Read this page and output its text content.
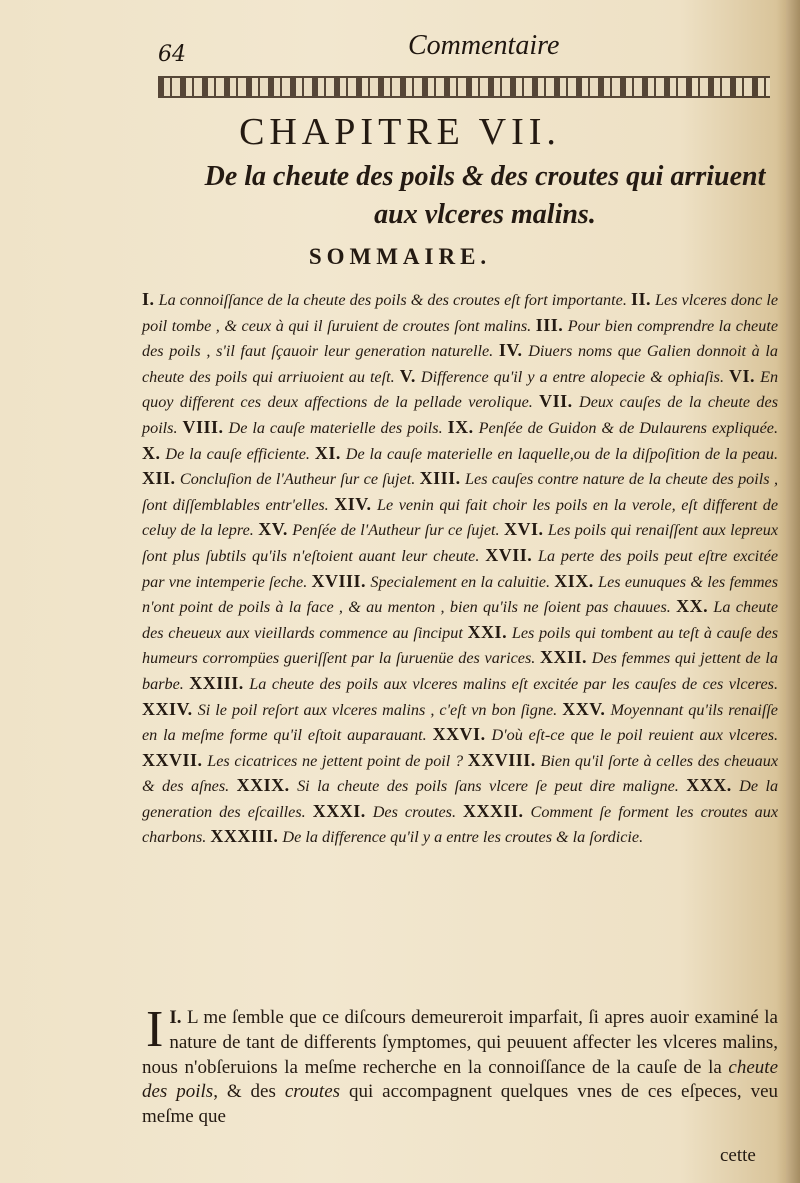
64	Commentaire
CHAPITRE VII.
De la cheute des poils & des croutes qui arriuent aux vlceres malins.
SOMMAIRE.
I. La connoiſſance de la cheute des poils & des croutes eſt fort importante. II. Les vlceres donc le poil tombe , & ceux à qui il ſuruient de croutes ſont malins. III. Pour bien comprendre la cheute des poils , s'il faut ſçauoir leur generation naturelle. IV. Diuers noms que Galien donnoit à la cheute des poils qui arriuoient au teſt. V. Difference qu'il y a entre alopecie & ophiaſis. VI. En quoy different ces deux affections de la pellade verolique. VII. Deux cauſes de la cheute des poils. VIII. De la cauſe materielle des poils. IX. Penſée de Guidon & de Dulaurens expliquée. X. De la cauſe efficiente. XI. De la cauſe materielle en laquelle,ou de la diſpoſition de la peau. XII. Concluſion de l'Autheur ſur ce ſujet. XIII. Les cauſes contre nature de la cheute des poils , ſont diſſemblables entr'elles. XIV. Le venin qui fait choir les poils en la verole, eſt different de celuy de la lepre. XV. Penſée de l'Autheur ſur ce ſujet. XVI. Les poils qui renaiſſent aux lepreux ſont plus ſubtils qu'ils n'eſtoient auant leur cheute. XVII. La perte des poils peut eſtre excitée par vne intemperie ſeche. XVIII. Specialement en la caluitie. XIX. Les eunuques & les femmes n'ont point de poils à la face , & au menton , bien qu'ils ne ſoient pas chauues. XX. La cheute des cheueux aux vieillards commence au ſinciput XXI. Les poils qui tombent au teſt à cauſe des humeurs corrompües gueriſſent par la ſuruenüe des varices. XXII. Des femmes qui jettent de la barbe. XXIII. La cheute des poils aux vlceres malins eſt excitée par les cauſes de ces vlceres. XXIV. Si le poil reſort aux vlceres malins , c'eſt vn bon ſigne. XXV. Moyennant qu'ils renaiſſe en la meſme forme qu'il eſtoit auparauant. XXVI. D'où eſt-ce que le poil reuient aux vlceres. XXVII. Les cicatrices ne jettent point de poil ? XXVIII. Bien qu'il ſorte à celles des cheuaux & des aſnes. XXIX. Si la cheute des poils ſans vlcere ſe peut dire maligne. XXX. De la generation des eſcailles. XXXI. Des croutes. XXXII. Comment ſe forment les croutes aux charbons. XXXIII. De la difference qu'il y a entre les croutes & la ſordicie.
I.
I L me ſemble que ce diſcours demeureroit imparfait, ſi apres auoir examiné la nature de tant de differents ſymptomes, qui peuuent affecter les vlceres malins, nous n'obſeruions la meſme recherche en la connoiſſance de la cauſe de la cheute des poils, & des croutes qui accompagnent quelques vnes de ces eſpeces, veu meſme que
cette
